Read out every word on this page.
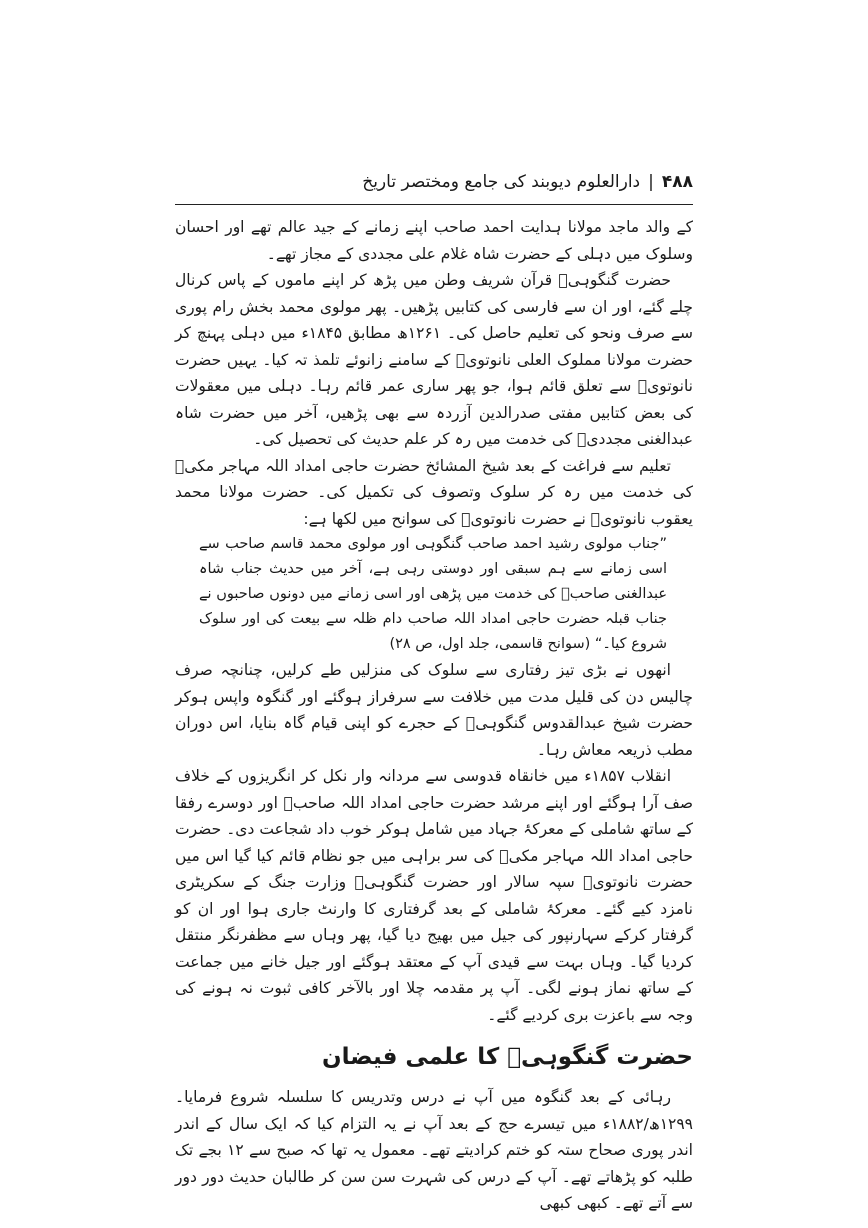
۴۸۸
|
دارالعلوم دیوبند کی جامع ومختصر تاریخ

کے والد ماجد مولانا ہدایت احمد صاحب اپنے زمانے کے جید عالم تھے اور احسان وسلوک میں دہلی کے حضرت شاہ غلام علی مجددی کے مجاز تھے۔

حضرت گنگوہیؒ قرآن شریف وطن میں پڑھ کر اپنے ماموں کے پاس کرنال چلے گئے، اور ان سے فارسی کی کتابیں پڑھیں۔ پھر مولوی محمد بخش رام پوری سے صرف ونحو کی تعلیم حاصل کی۔ ۱۲۶۱ھ مطابق ۱۸۴۵ء میں دہلی پہنچ کر حضرت مولانا مملوک العلی نانوتویؒ کے سامنے زانوئے تلمذ تہ کیا۔ یہیں حضرت نانوتویؒ سے تعلق قائم ہوا، جو پھر ساری عمر قائم رہا۔ دہلی میں معقولات کی بعض کتابیں مفتی صدرالدین آزردہ سے بھی پڑھیں، آخر میں حضرت شاہ عبدالغنی مجددیؒ کی خدمت میں رہ کر علم حدیث کی تحصیل کی۔

تعلیم سے فراغت کے بعد شیخ المشائخ حضرت حاجی امداد اللہ مہاجر مکیؒ کی خدمت میں رہ کر سلوک وتصوف کی تکمیل کی۔ حضرت مولانا محمد یعقوب نانوتویؒ نے حضرت نانوتویؒ کی سوانح میں لکھا ہے:

”جناب مولوی رشید احمد صاحب گنگوہی اور مولوی محمد قاسم صاحب سے اسی زمانے سے ہم سبقی اور دوستی رہی ہے، آخر میں حدیث جناب شاہ عبدالغنی صاحبؒ کی خدمت میں پڑھی اور اسی زمانے میں دونوں صاحبوں نے جناب قبلہ حضرت حاجی امداد اللہ صاحب دام ظلہ سے بیعت کی اور سلوک شروع کیا۔“ (سوانح قاسمی، جلد اول، ص ۲۸)

انھوں نے بڑی تیز رفتاری سے سلوک کی منزلیں طے کرلیں، چنانچہ صرف چالیس دن کی قلیل مدت میں خلافت سے سرفراز ہوگئے اور گنگوہ واپس ہوکر حضرت شیخ عبدالقدوس گنگوہیؒ کے حجرے کو اپنی قیام گاہ بنایا، اس دوران مطب ذریعہ معاش رہا۔

انقلاب ۱۸۵۷ء میں خانقاہ قدوسی سے مردانہ وار نکل کر انگریزوں کے خلاف صف آرا ہوگئے اور اپنے مرشد حضرت حاجی امداد اللہ صاحبؒ اور دوسرے رفقا کے ساتھ شاملی کے معرکۂ جہاد میں شامل ہوکر خوب داد شجاعت دی۔ حضرت حاجی امداد اللہ مہاجر مکیؒ کی سر براہی میں جو نظام قائم کیا گیا اس میں حضرت نانوتویؒ سپہ سالار اور حضرت گنگوہیؒ وزارت جنگ کے سکریٹری نامزد کیے گئے۔ معرکۂ شاملی کے بعد گرفتاری کا وارنٹ جاری ہوا اور ان کو گرفتار کرکے سہارنپور کی جیل میں بھیج دیا گیا، پھر وہاں سے مظفرنگر منتقل کردیا گیا۔ وہاں بہت سے قیدی آپ کے معتقد ہوگئے اور جیل خانے میں جماعت کے ساتھ نماز ہونے لگی۔ آپ پر مقدمہ چلا اور بالآخر کافی ثبوت نہ ہونے کی وجہ سے باعزت بری کردیے گئے۔

حضرت گنگوہیؒ کا علمی فیضان

رہائی کے بعد گنگوہ میں آپ نے درس وتدریس کا سلسلہ شروع فرمایا۔ ۱۲۹۹ھ/۱۸۸۲ء میں تیسرے حج کے بعد آپ نے یہ التزام کیا کہ ایک سال کے اندر اندر پوری صحاح ستہ کو ختم کرادیتے تھے۔ معمول یہ تھا کہ صبح سے ۱۲ بجے تک طلبہ کو پڑھاتے تھے۔ آپ کے درس کی شہرت سن سن کر طالبان حدیث دور دور سے آتے تھے۔ کبھی کبھی
